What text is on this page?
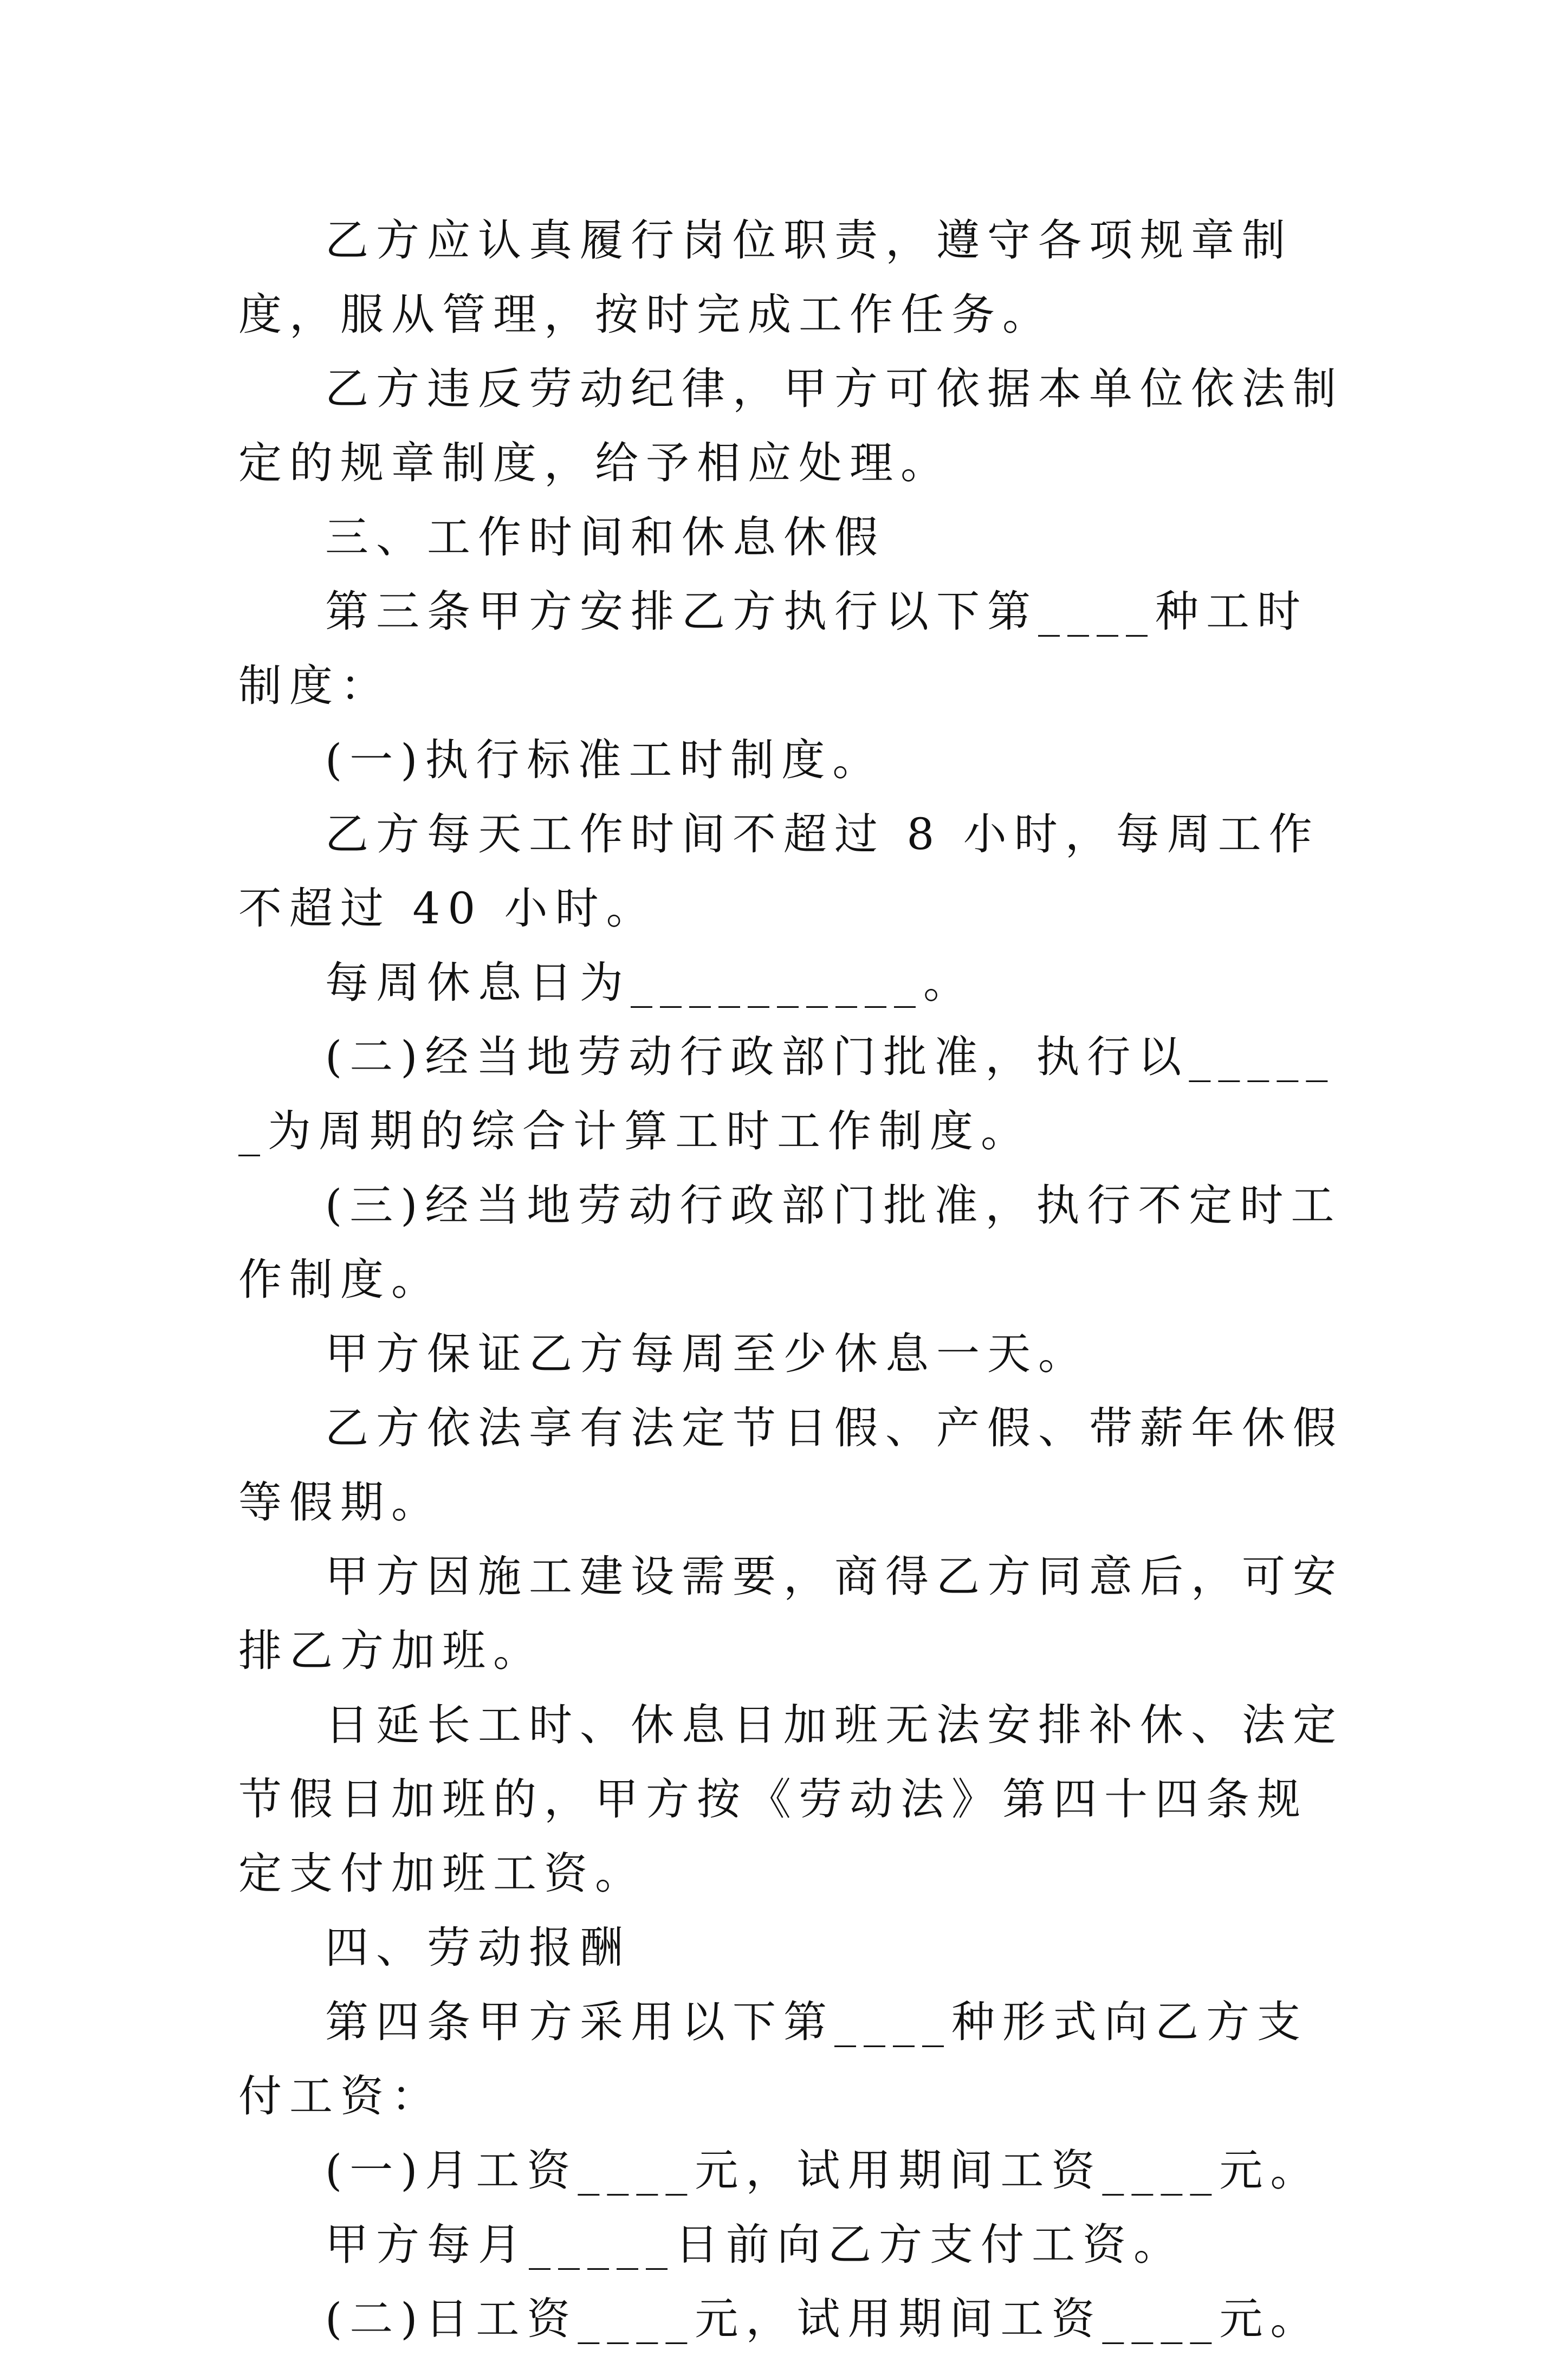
乙方应认真履行岗位职责，遵守各项规章制度，服从管理，按时完成工作任务。

乙方违反劳动纪律，甲方可依据本单位依法制定的规章制度，给予相应处理。

三、工作时间和休息休假

第三条甲方安排乙方执行以下第____种工时制度：

(一)执行标准工时制度。

乙方每天工作时间不超过 8 小时，每周工作不超过 40 小时。

每周休息日为__________。

(二)经当地劳动行政部门批准，执行以______为周期的综合计算工时工作制度。

(三)经当地劳动行政部门批准，执行不定时工作制度。

甲方保证乙方每周至少休息一天。

乙方依法享有法定节日假、产假、带薪年休假等假期。

甲方因施工建设需要，商得乙方同意后，可安排乙方加班。

日延长工时、休息日加班无法安排补休、法定节假日加班的，甲方按《劳动法》第四十四条规定支付加班工资。

四、劳动报酬

第四条甲方采用以下第____种形式向乙方支付工资：

(一)月工资____元，试用期间工资____元。

甲方每月_____日前向乙方支付工资。

(二)日工资____元，试用期间工资____元。
